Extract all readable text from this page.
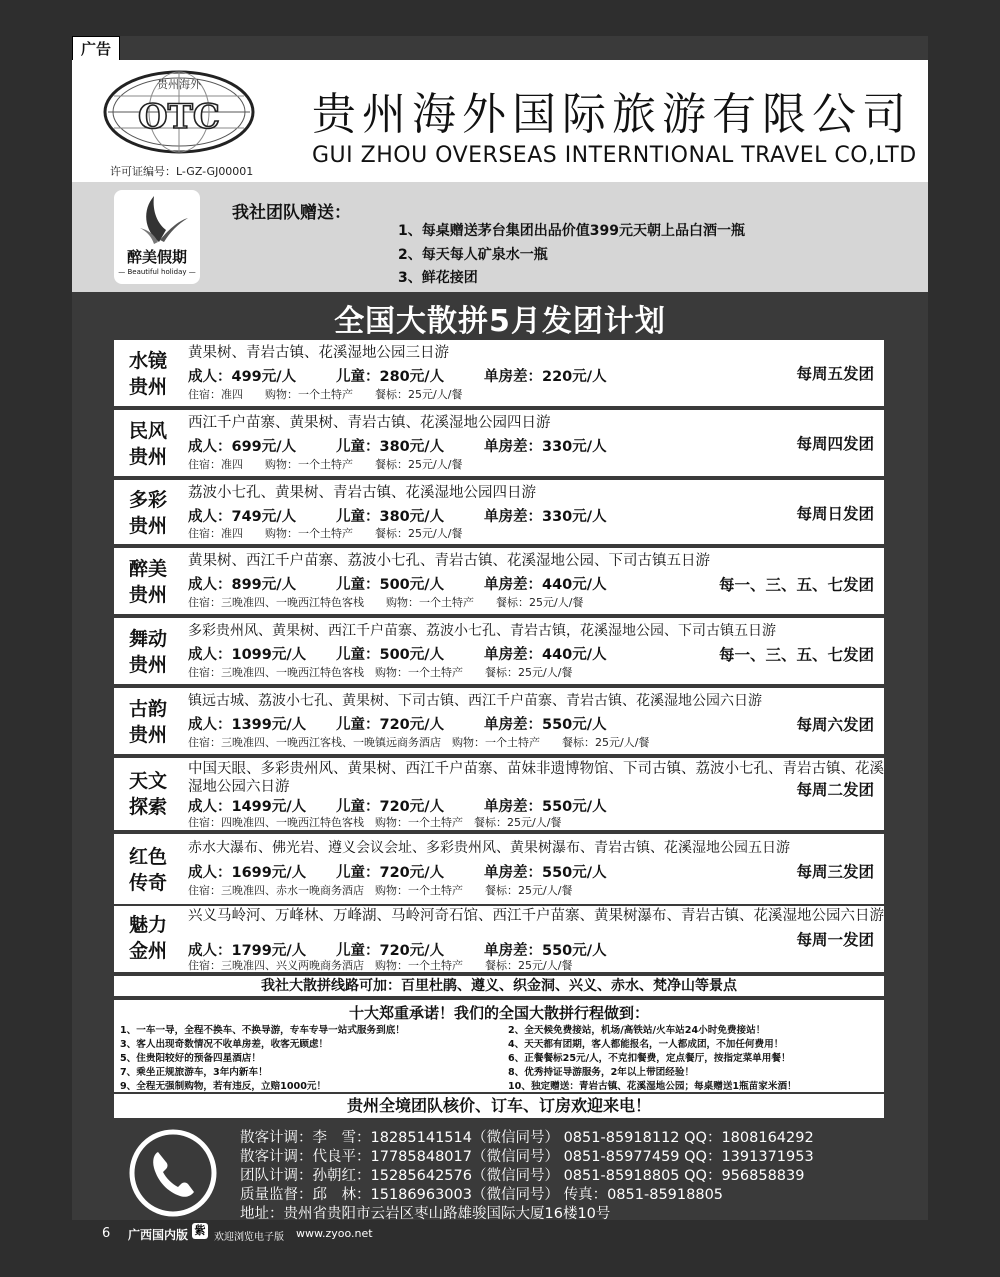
广告
贵州海外
OTC
许可证编号：L-GZ-GJ00001
贵州海外国际旅游有限公司
GUI ZHOU OVERSEAS INTERNTIONAL TRAVEL CO,LTD
醉美假期
— Beautiful holiday —
我社团队赠送：
1、每桌赠送茅台集团出品价值399元天朝上品白酒一瓶
2、每天每人矿泉水一瓶
3、鲜花接团
全国大散拼5月发团计划
水镜
贵州
黄果树、青岩古镇、花溪湿地公园三日游
成人：499元/人	儿童：280元/人	单房差：220元/人
住宿：准四　　购物：一个土特产　　餐标：25元/人/餐
每周五发团
民风
贵州
西江千户苗寨、黄果树、青岩古镇、花溪湿地公园四日游
成人：699元/人	儿童：380元/人	单房差：330元/人
住宿：准四　　购物：一个土特产　　餐标：25元/人/餐
每周四发团
多彩
贵州
荔波小七孔、黄果树、青岩古镇、花溪湿地公园四日游
成人：749元/人	儿童：380元/人	单房差：330元/人
住宿：准四　　购物：一个土特产　　餐标：25元/人/餐
每周日发团
醉美
贵州
黄果树、西江千户苗寨、荔波小七孔、青岩古镇、花溪湿地公园、下司古镇五日游
成人：899元/人	儿童：500元/人	单房差：440元/人
住宿：三晚准四、一晚西江特色客栈　　购物：一个土特产　　餐标：25元/人/餐
每一、三、五、七发团
舞动
贵州
多彩贵州风、黄果树、西江千户苗寨、荔波小七孔、青岩古镇，花溪湿地公园、下司古镇五日游
成人：1099元/人 儿童：500元/人	单房差：440元/人
住宿：三晚准四、一晚西江特色客栈　购物：一个土特产　　餐标：25元/人/餐
每一、三、五、七发团
古韵
贵州
镇远古城、荔波小七孔、黄果树、下司古镇、西江千户苗寨、青岩古镇、花溪湿地公园六日游
成人：1399元/人 儿童：720元/人	单房差：550元/人
住宿：三晚准四、一晚西江客栈、一晚镇远商务酒店　购物：一个土特产　　餐标：25元/人/餐
每周六发团
天文
探索
中国天眼、多彩贵州风、黄果树、西江千户苗寨、苗妹非遗博物馆、下司古镇、荔波小七孔、青岩古镇、花溪湿地公园六日游
成人：1499元/人 儿童：720元/人	单房差：550元/人
住宿：四晚准四、一晚西江特色客栈　购物：一个土特产　餐标：25元/人/餐
每周二发团
红色
传奇
赤水大瀑布、佛光岩、遵义会议会址、多彩贵州风、黄果树瀑布、青岩古镇、花溪湿地公园五日游
成人：1699元/人 儿童：720元/人	单房差：550元/人
住宿：三晚准四、赤水一晚商务酒店　购物：一个土特产　　餐标：25元/人/餐
每周三发团
魅力
金州
兴义马岭河、万峰林、万峰湖、马岭河奇石馆、西江千户苗寨、黄果树瀑布、青岩古镇、花溪湿地公园六日游
成人：1799元/人 儿童：720元/人	单房差：550元/人
住宿：三晚准四、兴义两晚商务酒店　购物：一个土特产　　餐标：25元/人/餐
每周一发团
我社大散拼线路可加：百里杜鹃、遵义、织金洞、兴义、赤水、梵净山等景点
十大郑重承诺！我们的全国大散拼行程做到：
1、一车一导，全程不换车、不换导游，专车专导一站式服务到底！	2、全天候免费接站，机场/高铁站/火车站24小时免费接站！
3、客人出现奇数情况不收单房差，收客无顾虑！	4、天天都有团期，客人都能报名，一人都成团，不加任何费用！
5、住贵阳较好的预备四星酒店！	6、正餐餐标25元/人，不克扣餐费，定点餐厅，按指定菜单用餐！
7、乘坐正规旅游车，3年内新车！	8、优秀持证导游服务，2年以上带团经验！
9、全程无强制购物，若有违反，立赔1000元！	10、独定赠送：青岩古镇、花溪湿地公园；每桌赠送1瓶苗家米酒！
贵州全境团队核价、订车、订房欢迎来电！
散客计调：李　雪：18285141514（微信同号） 0851-85918112 QQ：1808164292
散客计调：代良平：17785848017（微信同号） 0851-85977459 QQ：1391371953
团队计调：孙朝红：15285642576（微信同号） 0851-85918805 QQ：956858839
质量监督：邱　林：15186963003（微信同号） 传真：0851-85918805
地址：贵州省贵阳市云岩区枣山路雄骏国际大厦16楼10号
6 广西国内版 紫
欢迎浏览电子版 www.zyoo.net
